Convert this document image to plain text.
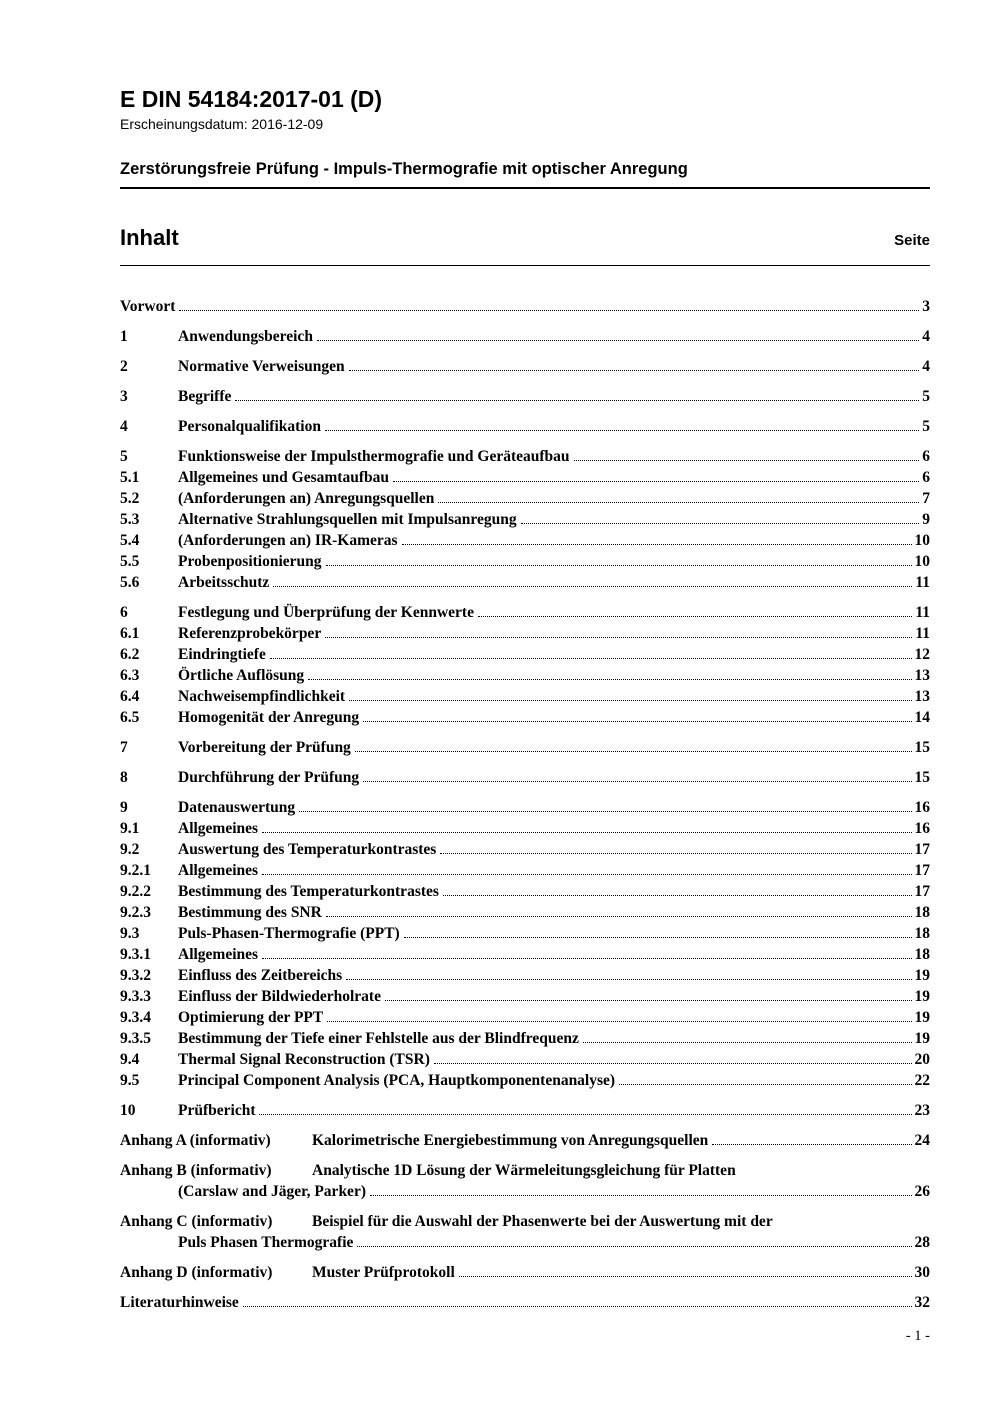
E DIN 54184:2017-01 (D)
Erscheinungsdatum: 2016-12-09
Zerstörungsfreie Prüfung - Impuls-Thermografie mit optischer Anregung
Inhalt	Seite
Vorwort	3
1	Anwendungsbereich	4
2	Normative Verweisungen	4
3	Begriffe	5
4	Personalqualifikation	5
5	Funktionsweise der Impulsthermografie und Geräteaufbau	6
5.1	Allgemeines und Gesamtaufbau	6
5.2	(Anforderungen an) Anregungsquellen	7
5.3	Alternative Strahlungsquellen mit Impulsanregung	9
5.4	(Anforderungen an) IR-Kameras	10
5.5	Probenpositionierung	10
5.6	Arbeitsschutz	11
6	Festlegung und Überprüfung der Kennwerte	11
6.1	Referenzprobekörper	11
6.2	Eindringtiefe	12
6.3	Örtliche Auflösung	13
6.4	Nachweisempfindlichkeit	13
6.5	Homogenität der Anregung	14
7	Vorbereitung der Prüfung	15
8	Durchführung der Prüfung	15
9	Datenauswertung	16
9.1	Allgemeines	16
9.2	Auswertung des Temperaturkontrastes	17
9.2.1	Allgemeines	17
9.2.2	Bestimmung des Temperaturkontrastes	17
9.2.3	Bestimmung des SNR	18
9.3	Puls-Phasen-Thermografie (PPT)	18
9.3.1	Allgemeines	18
9.3.2	Einfluss des Zeitbereichs	19
9.3.3	Einfluss der Bildwiederholrate	19
9.3.4	Optimierung der PPT	19
9.3.5	Bestimmung der Tiefe einer Fehlstelle aus der Blindfrequenz	19
9.4	Thermal Signal Reconstruction (TSR)	20
9.5	Principal Component Analysis (PCA, Hauptkomponentenanalyse)	22
10	Prüfbericht	23
Anhang A (informativ)	Kalorimetrische Energiebestimmung von Anregungsquellen	24
Anhang B (informativ)	Analytische 1D Lösung der Wärmeleitungsgleichung für Platten
(Carslaw and Jäger, Parker)	26
Anhang C (informativ)	Beispiel für die Auswahl der Phasenwerte bei der Auswertung mit der
Puls Phasen Thermografie	28
Anhang D (informativ)	Muster Prüfprotokoll	30
Literaturhinweise	32
- 1 -
